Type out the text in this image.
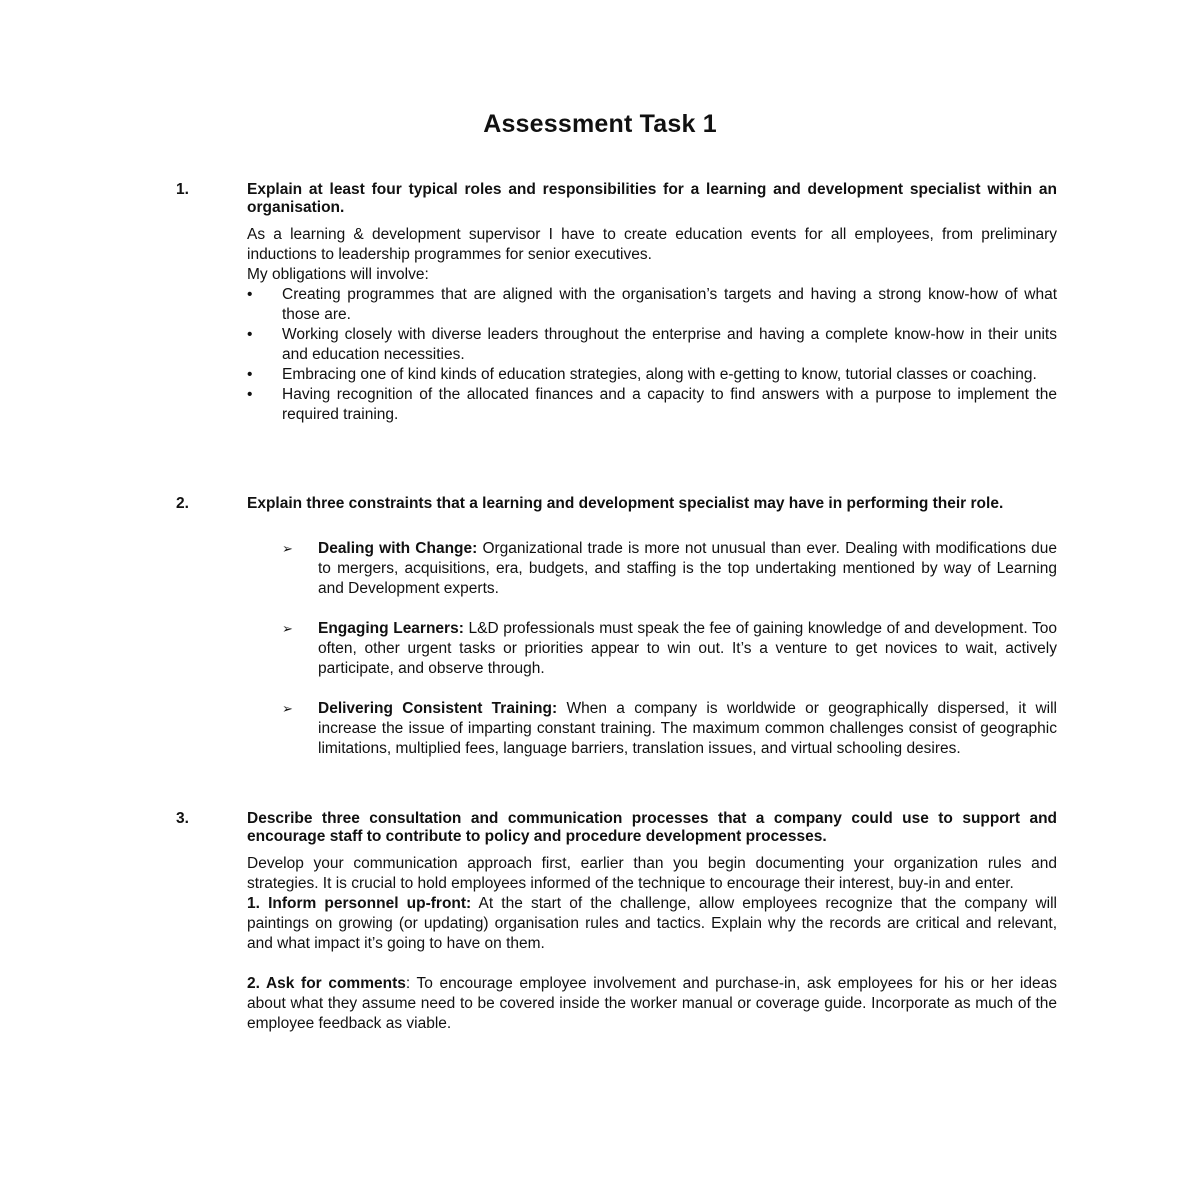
Assessment Task 1
1.	Explain at least four typical roles and responsibilities for a learning and development specialist within an organisation.

As a learning & development supervisor I have to create education events for all employees, from preliminary inductions to leadership programmes for senior executives.

My obligations will involve:

• Creating programmes that are aligned with the organisation’s targets and having a strong know-how of what those are.
• Working closely with diverse leaders throughout the enterprise and having a complete know-how in their units and education necessities.
• Embracing one of kind kinds of education strategies, along with e-getting to know, tutorial classes or coaching.
• Having recognition of the allocated finances and a capacity to find answers with a purpose to implement the required training.
2.	Explain three constraints that a learning and development specialist may have in performing their role.
➢ Dealing with Change: Organizational trade is more not unusual than ever. Dealing with modifications due to mergers, acquisitions, era, budgets, and staffing is the top undertaking mentioned by way of Learning and Development experts.
➢ Engaging Learners: L&D professionals must speak the fee of gaining knowledge of and development. Too often, other urgent tasks or priorities appear to win out. It’s a venture to get novices to wait, actively participate, and observe through.
➢ Delivering Consistent Training: When a company is worldwide or geographically dispersed, it will increase the issue of imparting constant training. The maximum common challenges consist of geographic limitations, multiplied fees, language barriers, translation issues, and virtual schooling desires.
3.	Describe three consultation and communication processes that a company could use to support and encourage staff to contribute to policy and procedure development processes.

Develop your communication approach first, earlier than you begin documenting your organization rules and strategies. It is crucial to hold employees informed of the technique to encourage their interest, buy-in and enter.

1. Inform personnel up-front: At the start of the challenge, allow employees recognize that the company will paintings on growing (or updating) organisation rules and tactics. Explain why the records are critical and relevant, and what impact it’s going to have on them.

2. Ask for comments: To encourage employee involvement and purchase-in, ask employees for his or her ideas about what they assume need to be covered inside the worker manual or coverage guide. Incorporate as much of the employee feedback as viable.
